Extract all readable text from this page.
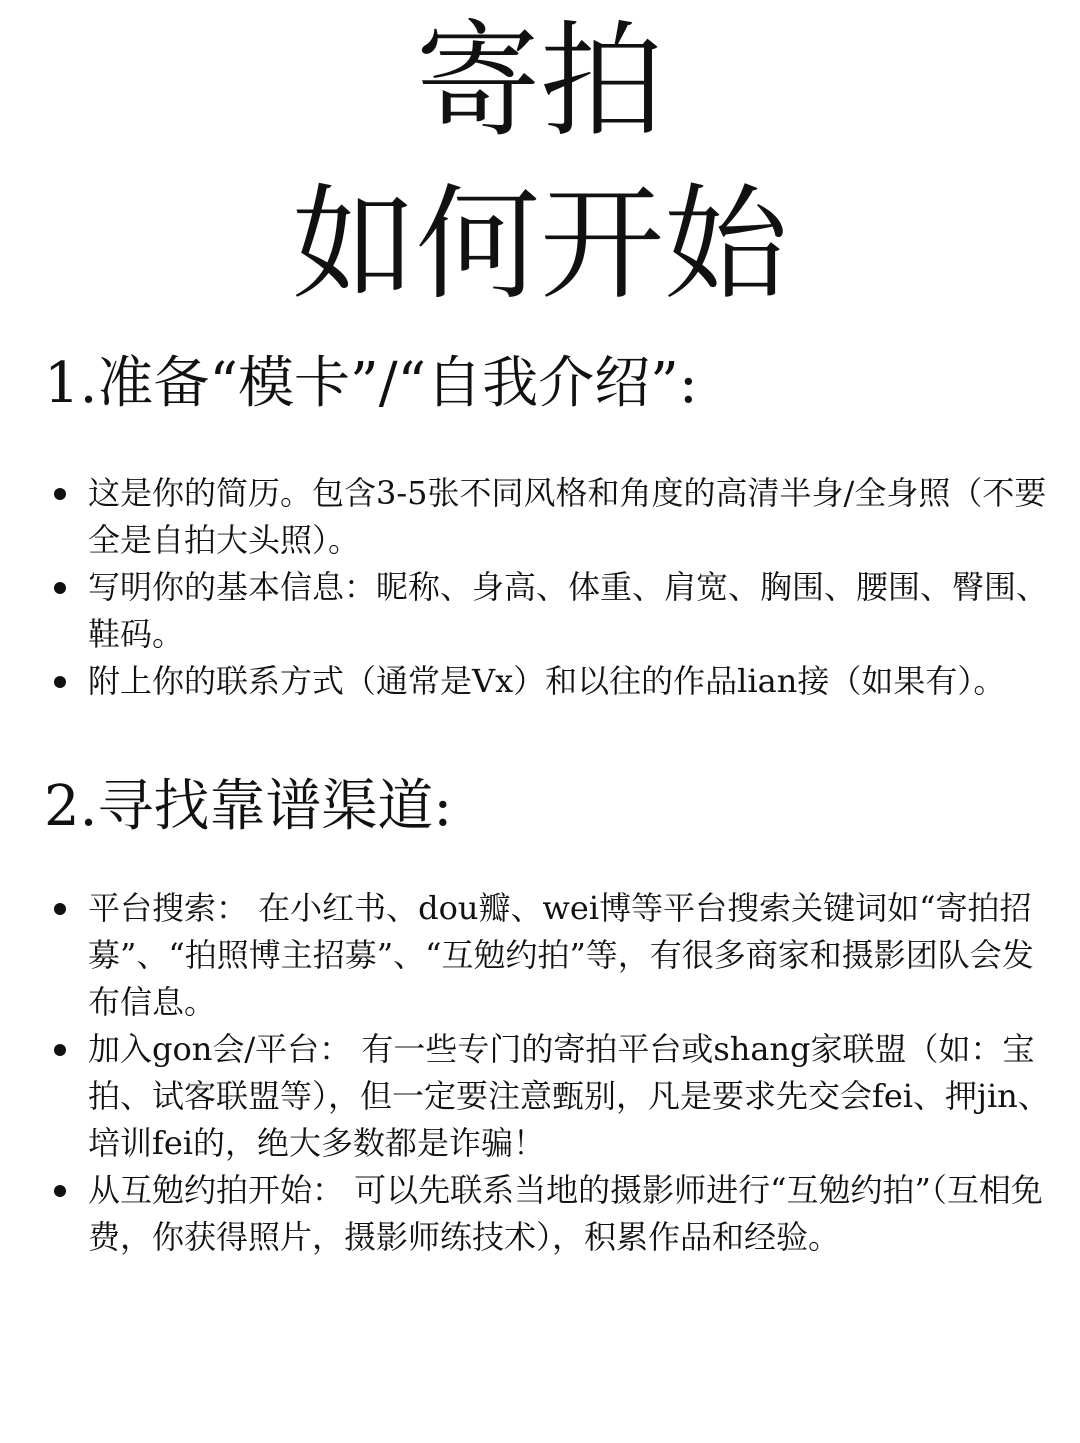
寄拍
如何开始
1.准备“模卡”/“自我介绍”:
这是你的简历。包含3-5张不同风格和角度的高清半身/全身照（不要全是自拍大头照）。
写明你的基本信息：昵称、身高、体重、肩宽、胸围、腰围、臀围、鞋码。
附上你的联系方式（通常是Vx）和以往的作品lian接（如果有）。
2.寻找靠谱渠道:
平台搜索： 在小红书、dou瓣、wei博等平台搜索关键词如“寄拍招募”、“拍照博主招募”、“互勉约拍”等，有很多商家和摄影团队会发布信息。
加入gon会/平台： 有一些专门的寄拍平台或shang家联盟（如：宝拍、试客联盟等），但一定要注意甄别，凡是要求先交会fei、押jin、培训fei的，绝大多数都是诈骗！
从互勉约拍开始： 可以先联系当地的摄影师进行“互勉约拍”（互相免费，你获得照片，摄影师练技术），积累作品和经验。
